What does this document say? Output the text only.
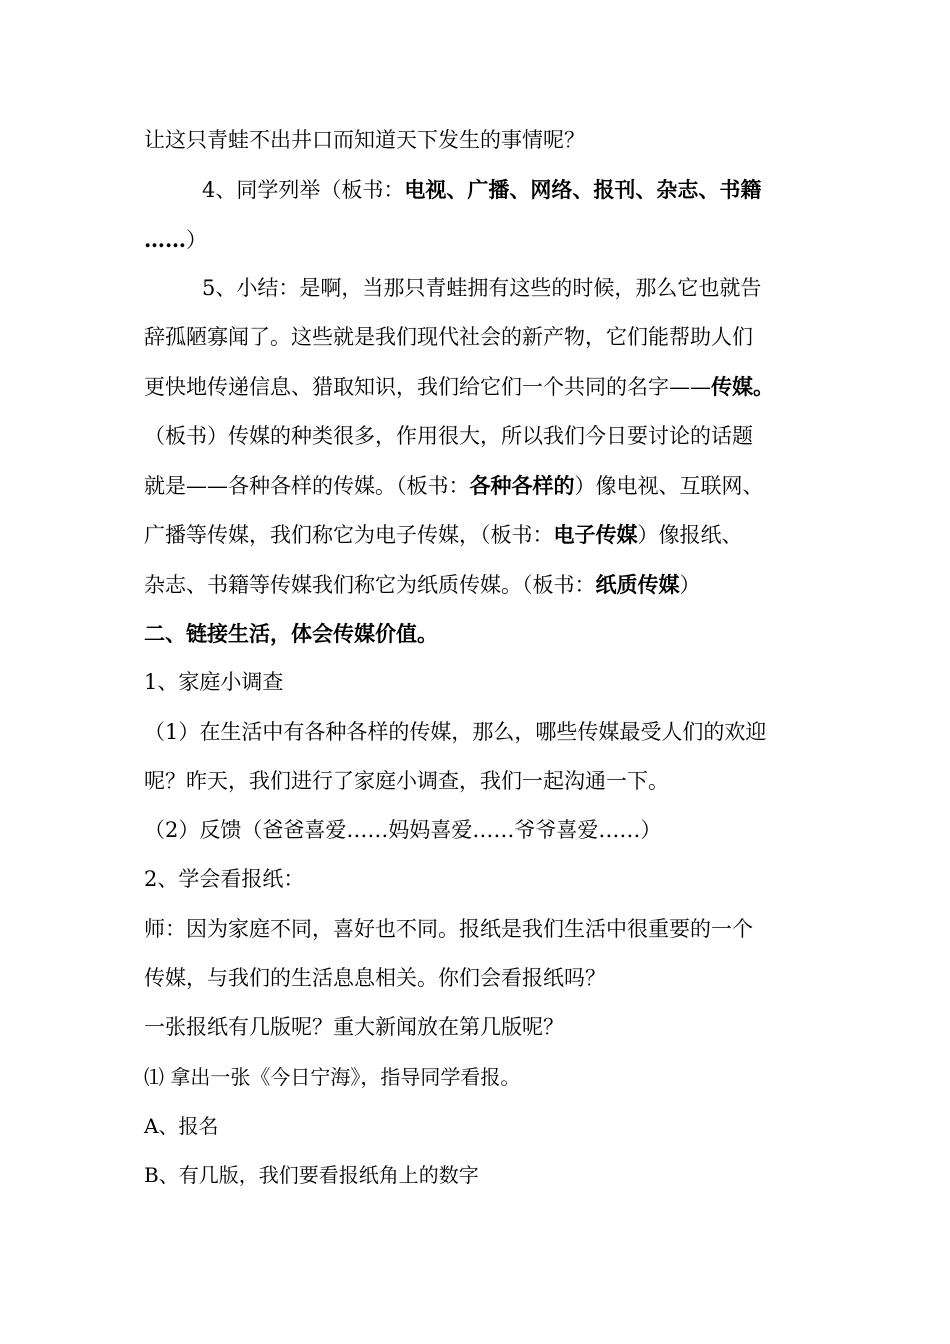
让这只青蛙不出井口而知道天下发生的事情呢？
4、同学列举（板书：电视、广播、网络、报刊、杂志、书籍
……）
5、小结：是啊，当那只青蛙拥有这些的时候，那么它也就告
辞孤陋寡闻了。这些就是我们现代社会的新产物，它们能帮助人们
更快地传递信息、猎取知识，我们给它们一个共同的名字——传媒。
（板书）传媒的种类很多，作用很大，所以我们今日要讨论的话题
就是——各种各样的传媒。（板书：各种各样的）像电视、互联网、
广播等传媒，我们称它为电子传媒，（板书：电子传媒）像报纸、
杂志、书籍等传媒我们称它为纸质传媒。（板书：纸质传媒）
二、链接生活，体会传媒价值。
1、家庭小调查
（1）在生活中有各种各样的传媒，那么，哪些传媒最受人们的欢迎
呢？昨天，我们进行了家庭小调查，我们一起沟通一下。
（2）反馈（爸爸喜爱……妈妈喜爱……爷爷喜爱……）
2、学会看报纸：
师：因为家庭不同，喜好也不同。报纸是我们生活中很重要的一个
传媒，与我们的生活息息相关。你们会看报纸吗？
一张报纸有几版呢？重大新闻放在第几版呢？
⑴ 拿出一张《今日宁海》，指导同学看报。
A、报名
B、有几版，我们要看报纸角上的数字
